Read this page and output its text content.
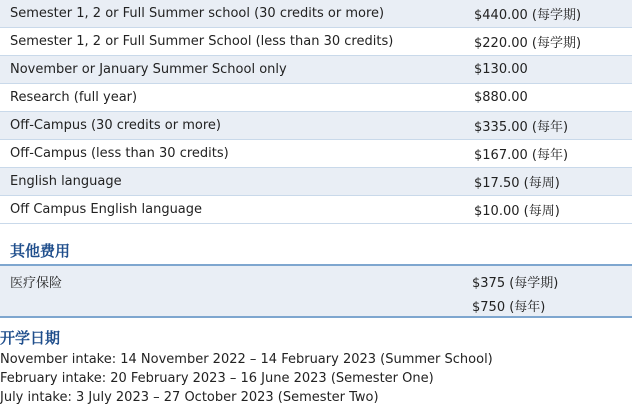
Semester 1, 2 or Full Summer school (30 credits or more)	$440.00 (每学期)
Semester 1, 2 or Full Summer School (less than 30 credits)	$220.00 (每学期)
November or January Summer School only	$130.00
Research (full year)	$880.00
Off-Campus (30 credits or more)	$335.00 (每年)
Off-Campus (less than 30 credits)	$167.00 (每年)
English language	$17.50 (每周)
Off Campus English language	$10.00 (每周)
其他费用
医疗保险	$375 (每学期)
$750 (每年)
开学日期
November intake: 14 November 2022 – 14 February 2023 (Summer School)
February intake: 20 February 2023 – 16 June 2023 (Semester One)
July intake: 3 July 2023 – 27 October 2023 (Semester Two)
